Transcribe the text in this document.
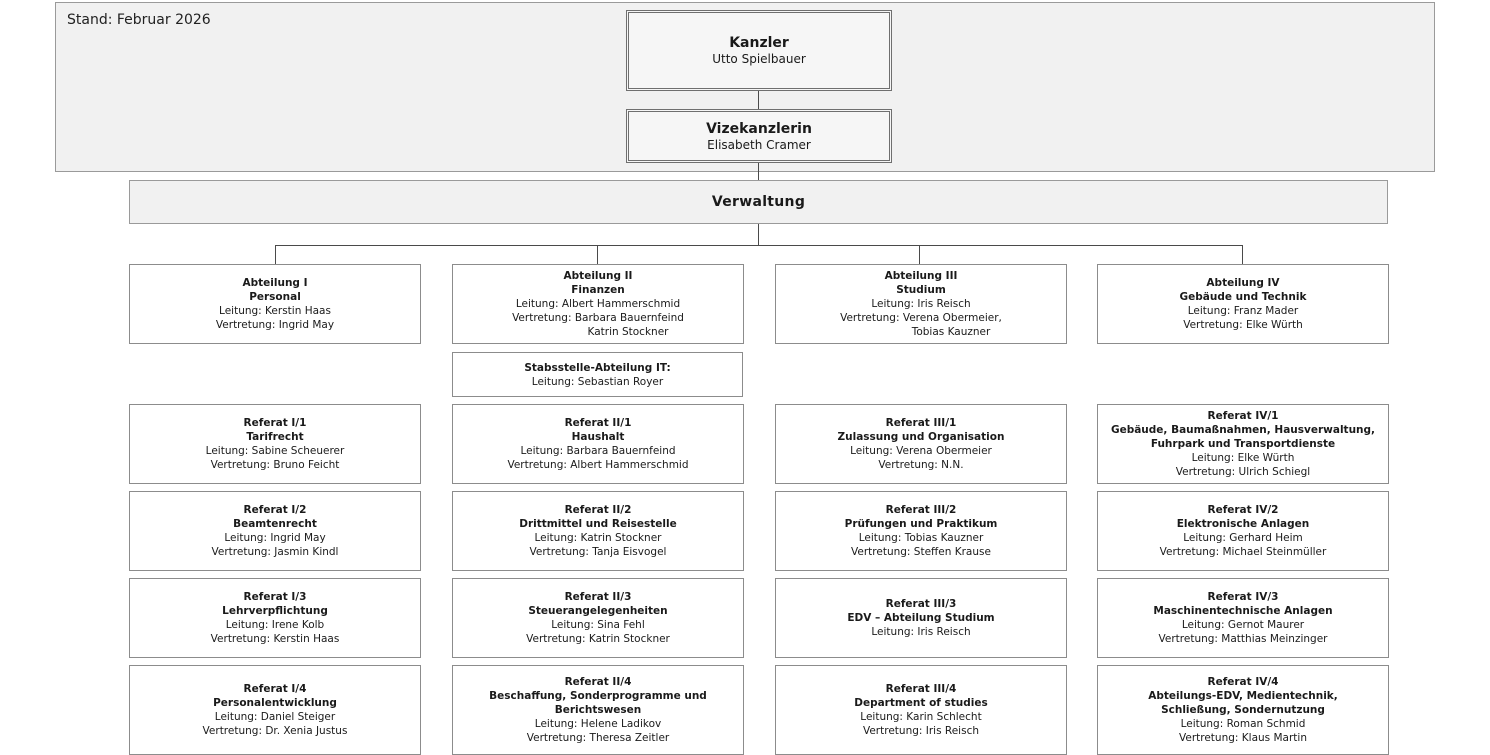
Stand: Februar 2026
Kanzler
Utto Spielbauer
Vizekanzlerin
Elisabeth Cramer
Verwaltung
Abteilung I
Personal
Leitung: Kerstin Haas
Vertretung: Ingrid May
Abteilung II
Finanzen
Leitung: Albert Hammerschmid
Vertretung: Barbara Bauernfeind
Katrin Stockner
Abteilung III
Studium
Leitung: Iris Reisch
Vertretung: Verena Obermeier,
Tobias Kauzner
Abteilung IV
Gebäude und Technik
Leitung: Franz Mader
Vertretung: Elke Würth
Stabsstelle-Abteilung IT:
Leitung: Sebastian Royer
Referat I/1
Tarifrecht
Leitung: Sabine Scheuerer
Vertretung: Bruno Feicht
Referat I/2
Beamtenrecht
Leitung: Ingrid May
Vertretung: Jasmin Kindl
Referat I/3
Lehrverpflichtung
Leitung: Irene Kolb
Vertretung: Kerstin Haas
Referat I/4
Personalentwicklung
Leitung: Daniel Steiger
Vertretung: Dr. Xenia Justus
Referat II/1
Haushalt
Leitung: Barbara Bauernfeind
Vertretung: Albert Hammerschmid
Referat II/2
Drittmittel und Reisestelle
Leitung: Katrin Stockner
Vertretung: Tanja Eisvogel
Referat II/3
Steuerangelegenheiten
Leitung: Sina Fehl
Vertretung: Katrin Stockner
Referat II/4
Beschaffung, Sonderprogramme und
Berichtswesen
Leitung: Helene Ladikov
Vertretung: Theresa Zeitler
Referat III/1
Zulassung und Organisation
Leitung: Verena Obermeier
Vertretung: N.N.
Referat III/2
Prüfungen und Praktikum
Leitung: Tobias Kauzner
Vertretung: Steffen Krause
Referat III/3
EDV – Abteilung Studium
Leitung: Iris Reisch
Referat III/4
Department of studies
Leitung: Karin Schlecht
Vertretung: Iris Reisch
Referat IV/1
Gebäude, Baumaßnahmen, Hausverwaltung,
Fuhrpark und Transportdienste
Leitung: Elke Würth
Vertretung: Ulrich Schiegl
Referat IV/2
Elektronische Anlagen
Leitung: Gerhard Heim
Vertretung: Michael Steinmüller
Referat IV/3
Maschinentechnische Anlagen
Leitung: Gernot Maurer
Vertretung: Matthias Meinzinger
Referat IV/4
Abteilungs-EDV, Medientechnik,
Schließung, Sondernutzung
Leitung: Roman Schmid
Vertretung: Klaus Martin
